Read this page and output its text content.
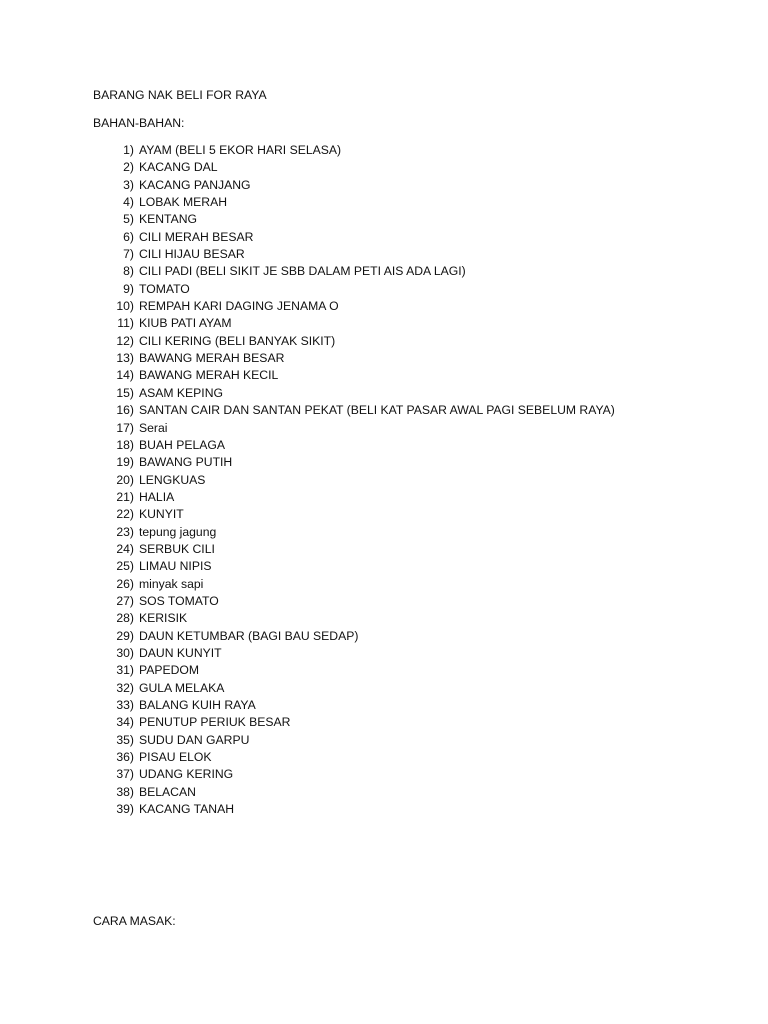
BARANG NAK BELI FOR RAYA
BAHAN-BAHAN:
1) AYAM (BELI 5 EKOR HARI SELASA)
2) KACANG DAL
3) KACANG PANJANG
4) LOBAK MERAH
5) KENTANG
6) CILI MERAH BESAR
7) CILI HIJAU BESAR
8) CILI PADI (BELI SIKIT JE SBB DALAM PETI AIS ADA LAGI)
9) TOMATO
10) REMPAH KARI DAGING JENAMA O
11) KIUB PATI AYAM
12) CILI KERING (BELI BANYAK SIKIT)
13) BAWANG MERAH BESAR
14) BAWANG MERAH KECIL
15) ASAM KEPING
16) SANTAN CAIR DAN SANTAN PEKAT (BELI KAT PASAR AWAL PAGI SEBELUM RAYA)
17) Serai
18) BUAH PELAGA
19) BAWANG PUTIH
20) LENGKUAS
21) HALIA
22) KUNYIT
23) tepung jagung
24) SERBUK CILI
25) LIMAU NIPIS
26) minyak sapi
27) SOS TOMATO
28) KERISIK
29) DAUN KETUMBAR (BAGI BAU SEDAP)
30) DAUN KUNYIT
31) PAPEDOM
32) GULA MELAKA
33) BALANG KUIH RAYA
34) PENUTUP PERIUK BESAR
35) SUDU DAN GARPU
36) PISAU ELOK
37) UDANG KERING
38) BELACAN
39) KACANG TANAH
CARA MASAK:
